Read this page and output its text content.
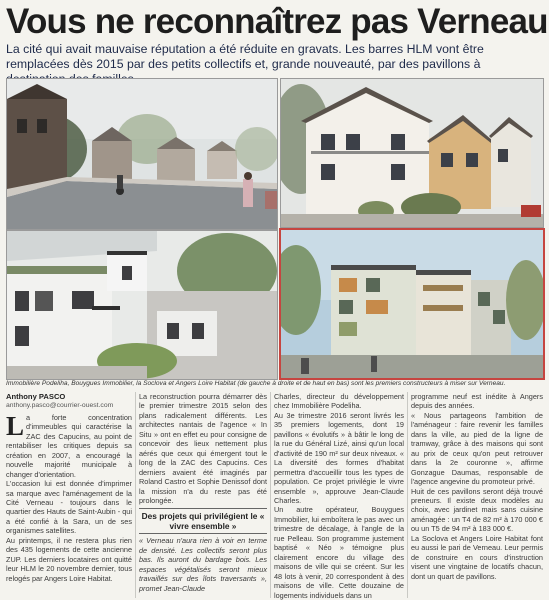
Vous ne reconnaîtrez pas Verneau
La cité qui avait mauvaise réputation a été réduite en gravats. Les barres HLM vont être remplacées dès 2015 par des petits collectifs et, grande nouveauté, par des pavillons à
Immobilière Podeliha, Bouygues Immobilier, la Soclova et Angers Loire Habitat (de gauche à droite et de haut en bas) sont les premiers constructeurs à miser sur Verneau.
Anthony PASCO
anthony.pasco@courrier-ouest.com

La forte concentration d'immeubles qui caractérise la ZAC des Capucins, au point de rentabiliser les critiques depuis sa création en 2007, a encouragé la nouvelle majorité municipale à changer d'orientation.

L'occasion lui est donnée d'imprimer sa marque avec l'aménagement de la Cité Verneau - toujours dans le quartier des Hauts de Saint-Aubin - qui a été confié à la Sara, un de ses organismes satellites.

Au printemps, il ne restera plus rien des 435 logements de cette ancienne ZUP. Les derniers locataires ont quitté leur HLM le 20 novembre dernier, tous relogés par Angers Loire Habitat.

La reconstruction pourra démarrer dès le premier trimestre 2015 selon des plans radicalement différents. Les architectes nantais de l'agence « In Situ » ont en effet eu pour consigne de concevoir des lieux nettement plus aérés que ceux qui émergent tout le long de la ZAC des Capucins. Ces derniers avaient été imaginés par Roland Castro et Sophie Denissof dont la mission n'a du reste pas été prolongée.

Des projets qui privilégient le « vivre ensemble »

« Verneau n'aura rien à voir en terme de densité. Les collectifs seront plus bas. Ils auront du bardage bois. Les espaces végétalisés seront mieux travaillés sur des îlots traversants », promet Jean-Claude

Charles, directeur du développement chez Immobilière Podeliha.

Au 3e trimestre 2016 seront livrés les 35 premiers logements, dont 19 pavillons « évolutifs » à bâtir le long de la rue du Général Lizé, ainsi qu'un local d'activité de 190 m² sur deux niveaux. « La diversité des formes d'habitat permettra d'accueillir tous les types de population. Ce projet privilégie le vivre ensemble », approuve Jean-Claude Charles.

Un autre opérateur, Bouygues Immobilier, lui emboîtera le pas avec un trimestre de décalage, à l'angle de la rue Pelleau. Son programme justement baptisé « Néo » témoigne plus clairement encore du village des maisons de ville qui se créent. Sur les 48 lots à venir, 20 correspondent à des maisons de ville. Cette douzaine de logements individuels dans un

programme neuf est inédite à Angers depuis des années.

« Nous partageons l'ambition de l'aménageur : faire revenir les familles dans la ville, au pied de la ligne de tramway, grâce à des maisons qui sont au prix de ceux qu'on peut retrouver dans la 2e couronne », affirme Gonzague Daumas, responsable de l'agence angevine du promoteur privé.

Huit de ces pavillons seront déjà trouvé preneurs. Il existe deux modèles au choix, avec jardinet mais sans cuisine aménagée : un T4 de 82 m² à 170 000 € ou un T5 de 94 m² à 183 000 €.

La Soclova et Angers Loire Habitat font eu aussi le pari de Verneau. Leur permis de construire en cours d'instruction visent une vingtaine de locatifs chacun, dont un quart de pavillons.
